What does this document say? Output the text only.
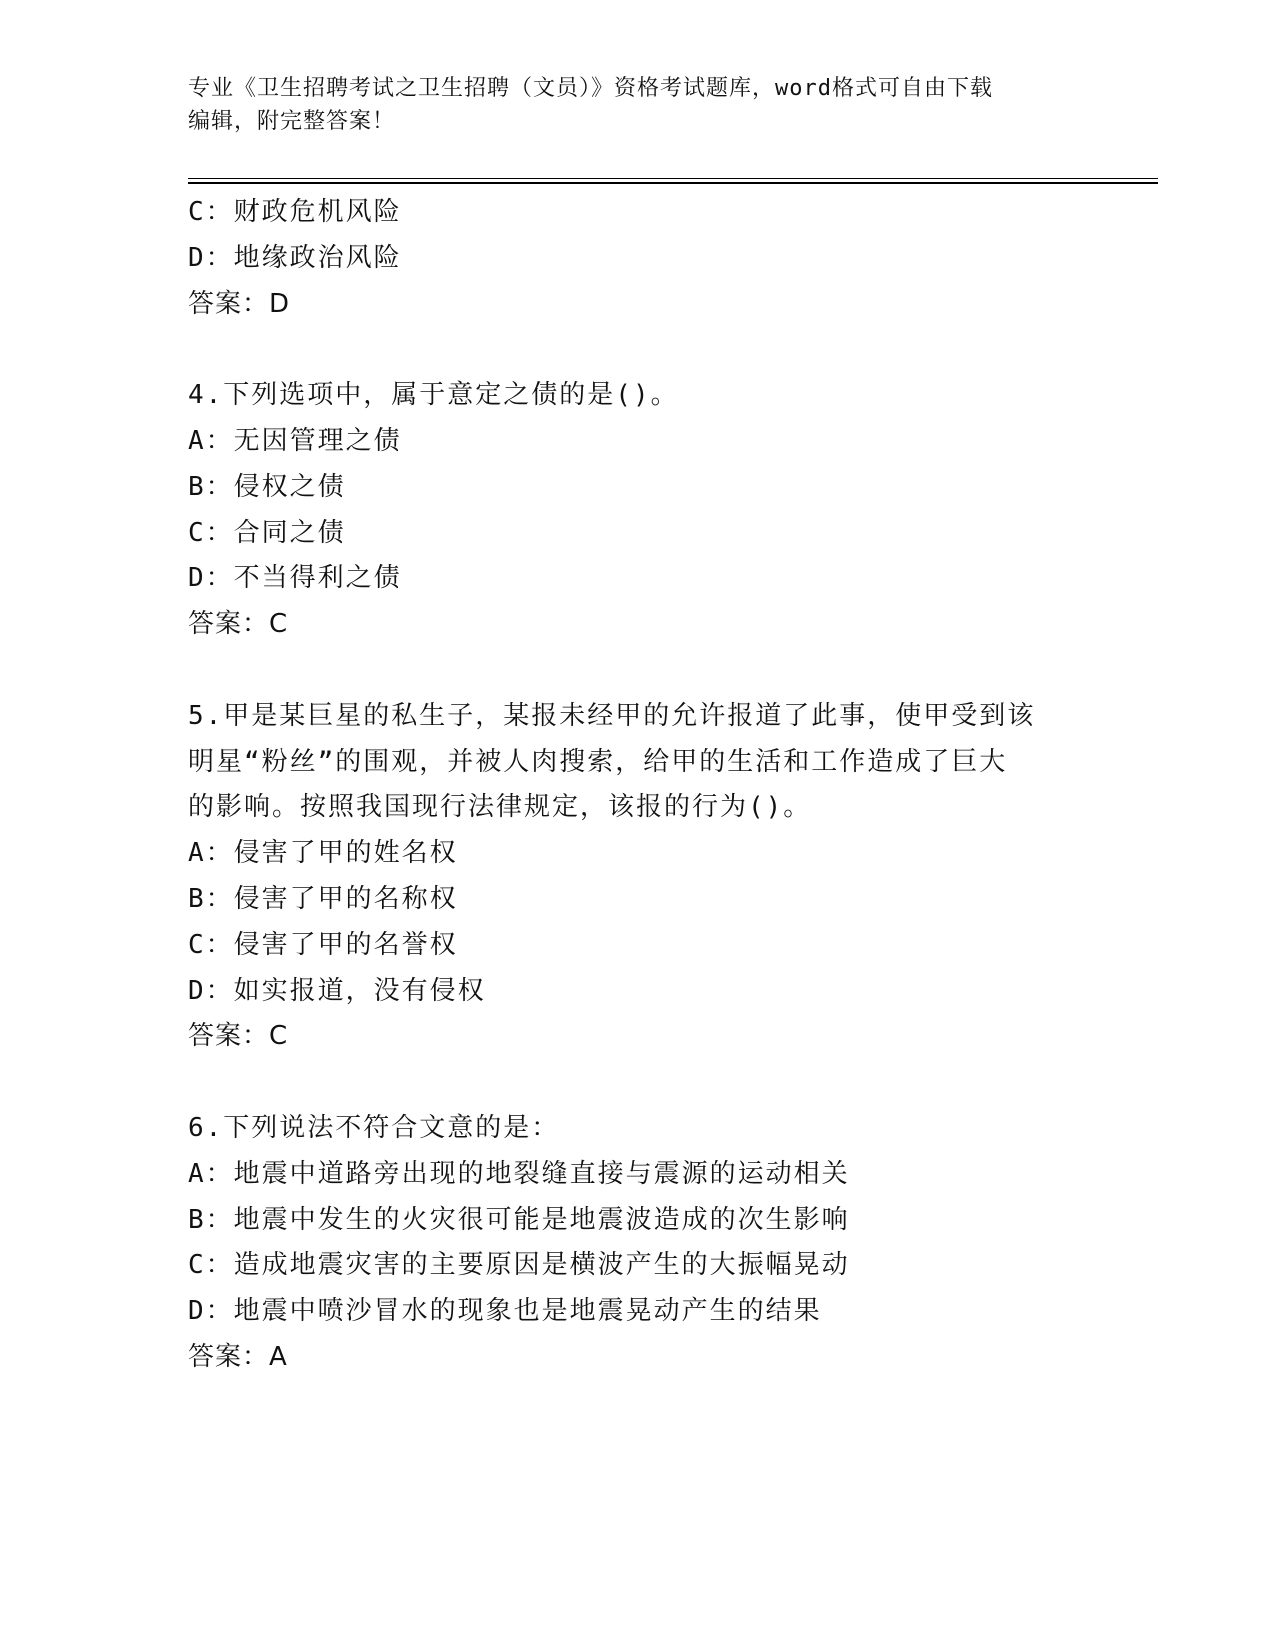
专业《卫生招聘考试之卫生招聘（文员）》资格考试题库，word格式可自由下载
编辑，附完整答案！
C：财政危机风险
D：地缘政治风险
答案：D
4.下列选项中，属于意定之债的是()。
A：无因管理之债
B：侵权之债
C：合同之债
D：不当得利之债
答案：C
5.甲是某巨星的私生子，某报未经甲的允许报道了此事，使甲受到该
明星“粉丝”的围观，并被人肉搜索，给甲的生活和工作造成了巨大
的影响。按照我国现行法律规定，该报的行为()。
A：侵害了甲的姓名权
B：侵害了甲的名称权
C：侵害了甲的名誉权
D：如实报道，没有侵权
答案：C
6.下列说法不符合文意的是：
A：地震中道路旁出现的地裂缝直接与震源的运动相关
B：地震中发生的火灾很可能是地震波造成的次生影响
C：造成地震灾害的主要原因是横波产生的大振幅晃动
D：地震中喷沙冒水的现象也是地震晃动产生的结果
答案：A
